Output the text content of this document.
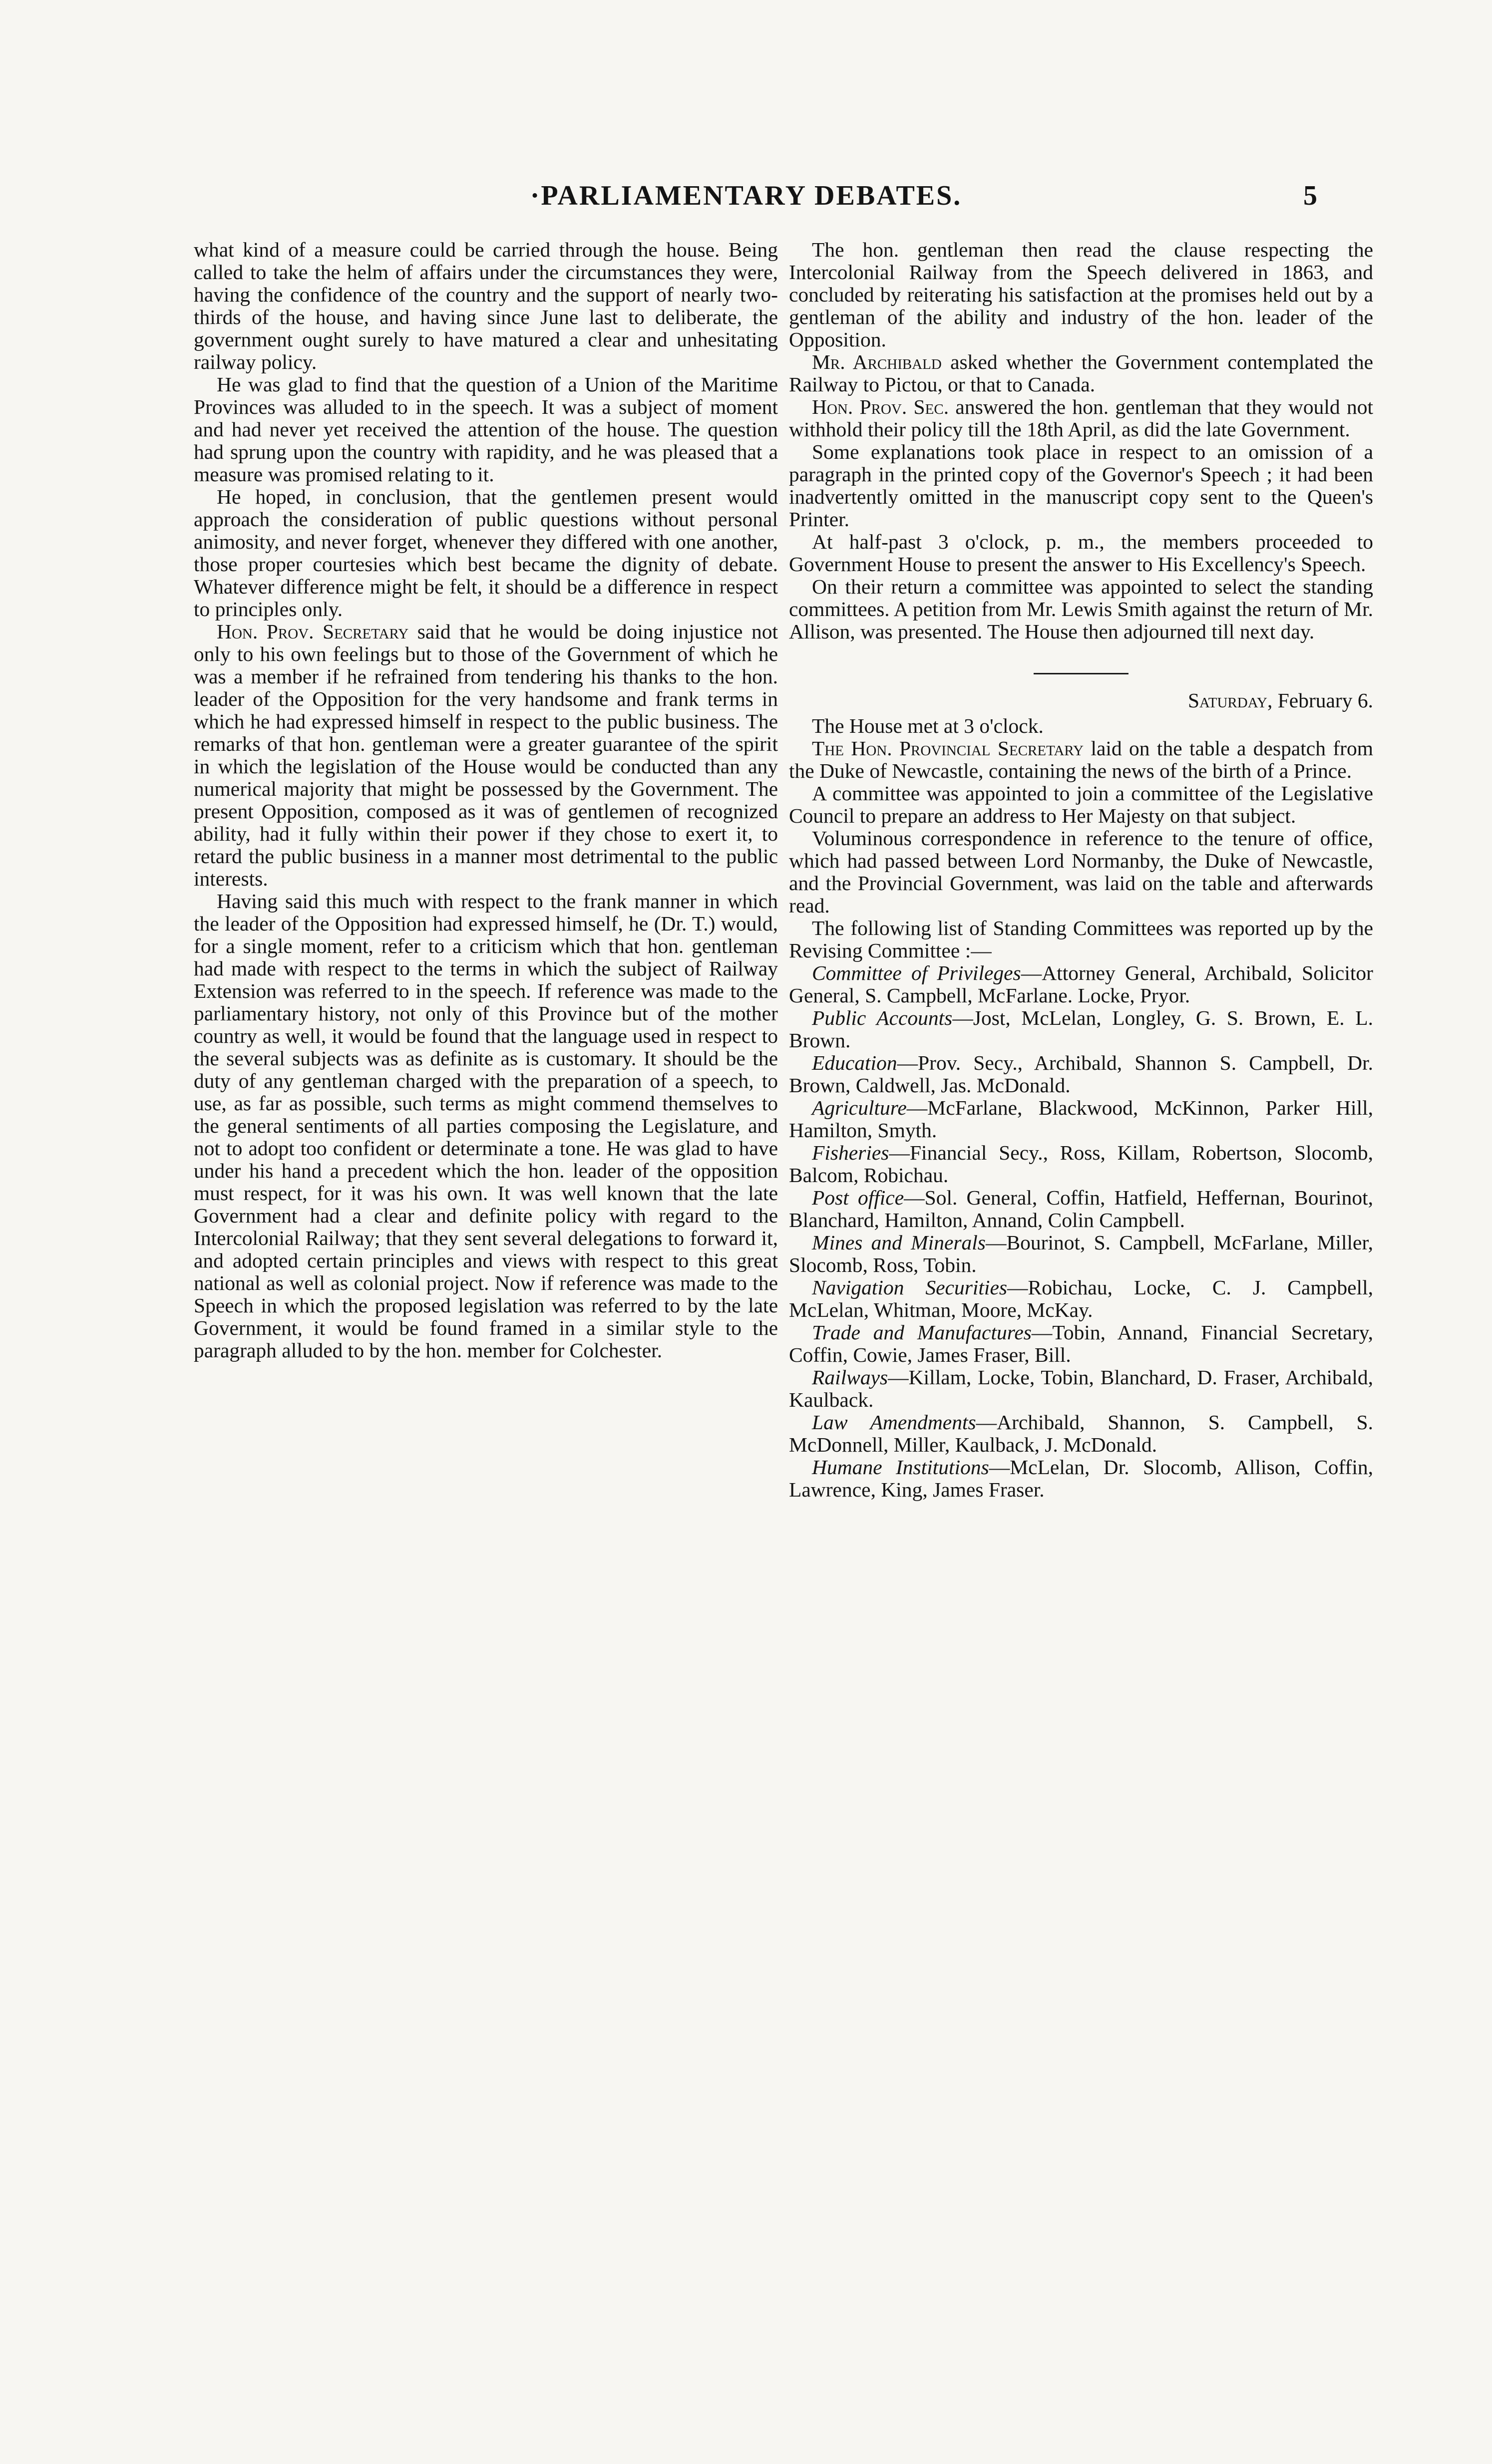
·PARLIAMENTARY DEBATES.	5

what kind of a measure could be carried through the house. Being called to take the helm of affairs under the circumstances they were, having the confidence of the country and the support of nearly two-thirds of the house, and having since June last to deliberate, the government ought surely to have matured a clear and unhesitating railway policy.

He was glad to find that the question of a Union of the Maritime Provinces was alluded to in the speech. It was a subject of moment and had never yet received the attention of the house. The question had sprung upon the country with rapidity, and he was pleased that a measure was promised relating to it.

He hoped, in conclusion, that the gentlemen present would approach the consideration of public questions without personal animosity, and never forget, whenever they differed with one another, those proper courtesies which best became the dignity of debate. Whatever difference might be felt, it should be a difference in respect to principles only.

Hon. Prov. Secretary said that he would be doing injustice not only to his own feelings but to those of the Government of which he was a member if he refrained from tendering his thanks to the hon. leader of the Opposition for the very handsome and frank terms in which he had expressed himself in respect to the public business. The remarks of that hon. gentleman were a greater guarantee of the spirit in which the legislation of the House would be conducted than any numerical majority that might be possessed by the Government. The present Opposition, composed as it was of gentlemen of recognized ability, had it fully within their power if they chose to exert it, to retard the public business in a manner most detrimental to the public interests.

Having said this much with respect to the frank manner in which the leader of the Opposition had expressed himself, he (Dr. T.) would, for a single moment, refer to a criticism which that hon. gentleman had made with respect to the terms in which the subject of Railway Extension was referred to in the speech. If reference was made to the parliamentary history, not only of this Province but of the mother country as well, it would be found that the language used in respect to the several subjects was as definite as is customary. It should be the duty of any gentleman charged with the preparation of a speech, to use, as far as possible, such terms as might commend themselves to the general sentiments of all parties composing the Legislature, and not to adopt too confident or determinate a tone. He was glad to have under his hand a precedent which the hon. leader of the opposition must respect, for it was his own. It was well known that the late Government had a clear and definite policy with regard to the Intercolonial Railway; that they sent several delegations to forward it, and adopted certain principles and views with respect to this great national as well as colonial project. Now if reference was made to the Speech in which the proposed legislation was referred to by the late Government, it would be found framed in a similar style to the paragraph alluded to by the hon. member for Colchester.

The hon. gentleman then read the clause respecting the Intercolonial Railway from the Speech delivered in 1863, and concluded by reiterating his satisfaction at the promises held out by a gentleman of the ability and industry of the hon. leader of the Opposition.

Mr. Archibald asked whether the Government contemplated the Railway to Pictou, or that to Canada.

Hon. Prov. Sec. answered the hon. gentleman that they would not withhold their policy till the 18th April, as did the late Government.

Some explanations took place in respect to an omission of a paragraph in the printed copy of the Governor's Speech ; it had been inadvertently omitted in the manuscript copy sent to the Queen's Printer.

At half-past 3 o'clock, p. m., the members proceeded to Government House to present the answer to His Excellency's Speech.

On their return a committee was appointed to select the standing committees. A petition from Mr. Lewis Smith against the return of Mr. Allison, was presented. The House then adjourned till next day.

Saturday, February 6.

The House met at 3 o'clock.

The Hon. Provincial Secretary laid on the table a despatch from the Duke of Newcastle, containing the news of the birth of a Prince.

A committee was appointed to join a committee of the Legislative Council to prepare an address to Her Majesty on that subject.

Voluminous correspondence in reference to the tenure of office, which had passed between Lord Normanby, the Duke of Newcastle, and the Provincial Government, was laid on the table and afterwards read.

The following list of Standing Committees was reported up by the Revising Committee :—

Committee of Privileges—Attorney General, Archibald, Solicitor General, S. Campbell, McFarlane. Locke, Pryor.

Public Accounts—Jost, McLelan, Longley, G. S. Brown, E. L. Brown.

Education—Prov. Secy., Archibald, Shannon S. Campbell, Dr. Brown, Caldwell, Jas. McDonald.

Agriculture—McFarlane, Blackwood, McKinnon, Parker Hill, Hamilton, Smyth.

Fisheries—Financial Secy., Ross, Killam, Robertson, Slocomb, Balcom, Robichau.

Post office—Sol. General, Coffin, Hatfield, Heffernan, Bourinot, Blanchard, Hamilton, Annand, Colin Campbell.

Mines and Minerals—Bourinot, S. Campbell, McFarlane, Miller, Slocomb, Ross, Tobin.

Navigation Securities—Robichau, Locke, C. J. Campbell, McLelan, Whitman, Moore, McKay.

Trade and Manufactures—Tobin, Annand, Financial Secretary, Coffin, Cowie, James Fraser, Bill.

Railways—Killam, Locke, Tobin, Blanchard, D. Fraser, Archibald, Kaulback.

Law Amendments—Archibald, Shannon, S. Campbell, S. McDonnell, Miller, Kaulback, J. McDonald.

Humane Institutions—McLelan, Dr. Slocomb, Allison, Coffin, Lawrence, King, James Fraser.
